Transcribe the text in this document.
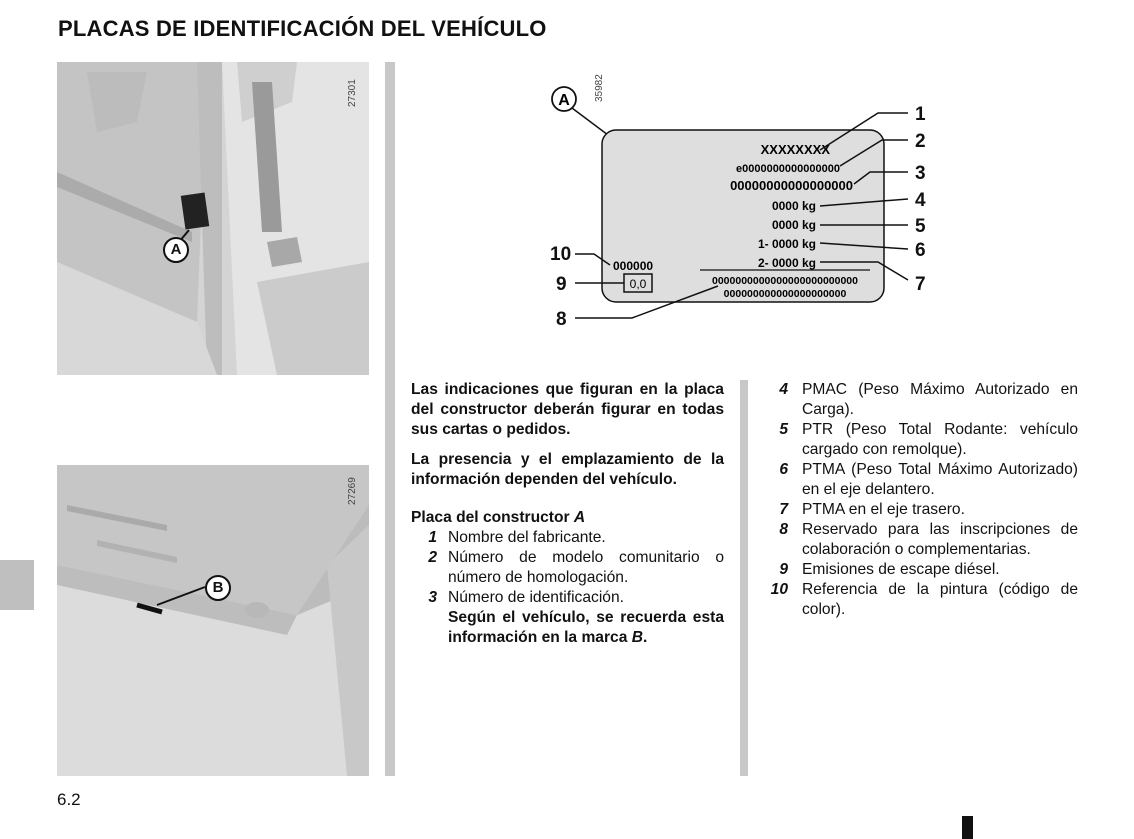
PLACAS DE IDENTIFICACIÓN DEL VEHÍCULO
27301
A
27269
B
35982
A
XXXXXXXX
e0000000000000000
00000000000000000
0000 kg
0000 kg
1- 0000 kg
2- 0000 kg
000000
0,0	0000000000000000000000000
000000000000000000000
1
2
3
4
5
6
7
8
9
10

Las indicaciones que figuran en la placa del constructor deberán figurar en todas sus cartas o pedidos.

La presencia y el emplazamiento de la información dependen del vehículo.

Placa del constructor A

1 Nombre del fabricante.
2 Número de modelo comunitario o número de homologación.
3 Número de identificación.
Según el vehículo, se recuerda esta información en la marca B.
4 PMAC (Peso Máximo Autorizado en Carga).
5 PTR (Peso Total Rodante: vehículo cargado con remolque).
6 PTMA (Peso Total Máximo Autorizado) en el eje delantero.
7 PTMA en el eje trasero.
8 Reservado para las inscripciones de colaboración o complementarias.
9 Emisiones de escape diésel.
10 Referencia de la pintura (código de color).
6.2
